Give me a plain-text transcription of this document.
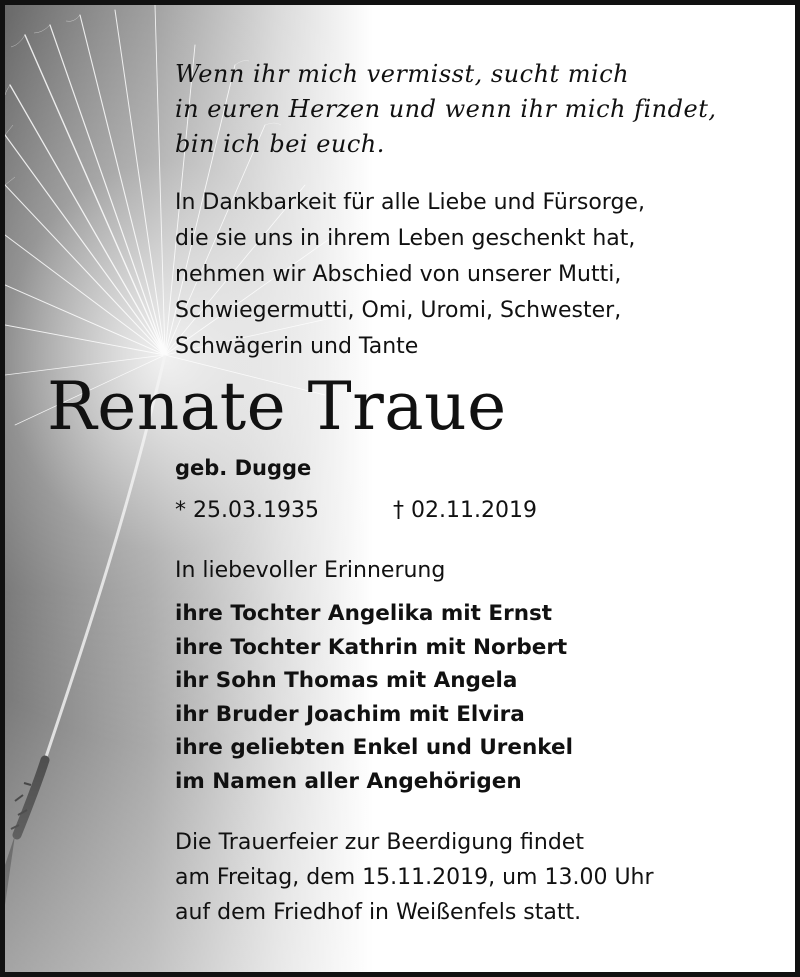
Wenn ihr mich vermisst, sucht mich
in euren Herzen und wenn ihr mich findet,
bin ich bei euch.

In Dankbarkeit für alle Liebe und Fürsorge,
die sie uns in ihrem Leben geschenkt hat,
nehmen wir Abschied von unserer Mutti,
Schwiegermutti, Omi, Uromi, Schwester,
Schwägerin und Tante

Renate Traue
geb. Dugge
* 25.03.1935	† 02.11.2019
In liebevoller Erinnerung
ihre Tochter Angelika mit Ernst
ihre Tochter Kathrin mit Norbert
ihr Sohn Thomas mit Angela
ihr Bruder Joachim mit Elvira
ihre geliebten Enkel und Urenkel
im Namen aller Angehörigen

Die Trauerfeier zur Beerdigung findet
am Freitag, dem 15.11.2019, um 13.00 Uhr
auf dem Friedhof in Weißenfels statt.
